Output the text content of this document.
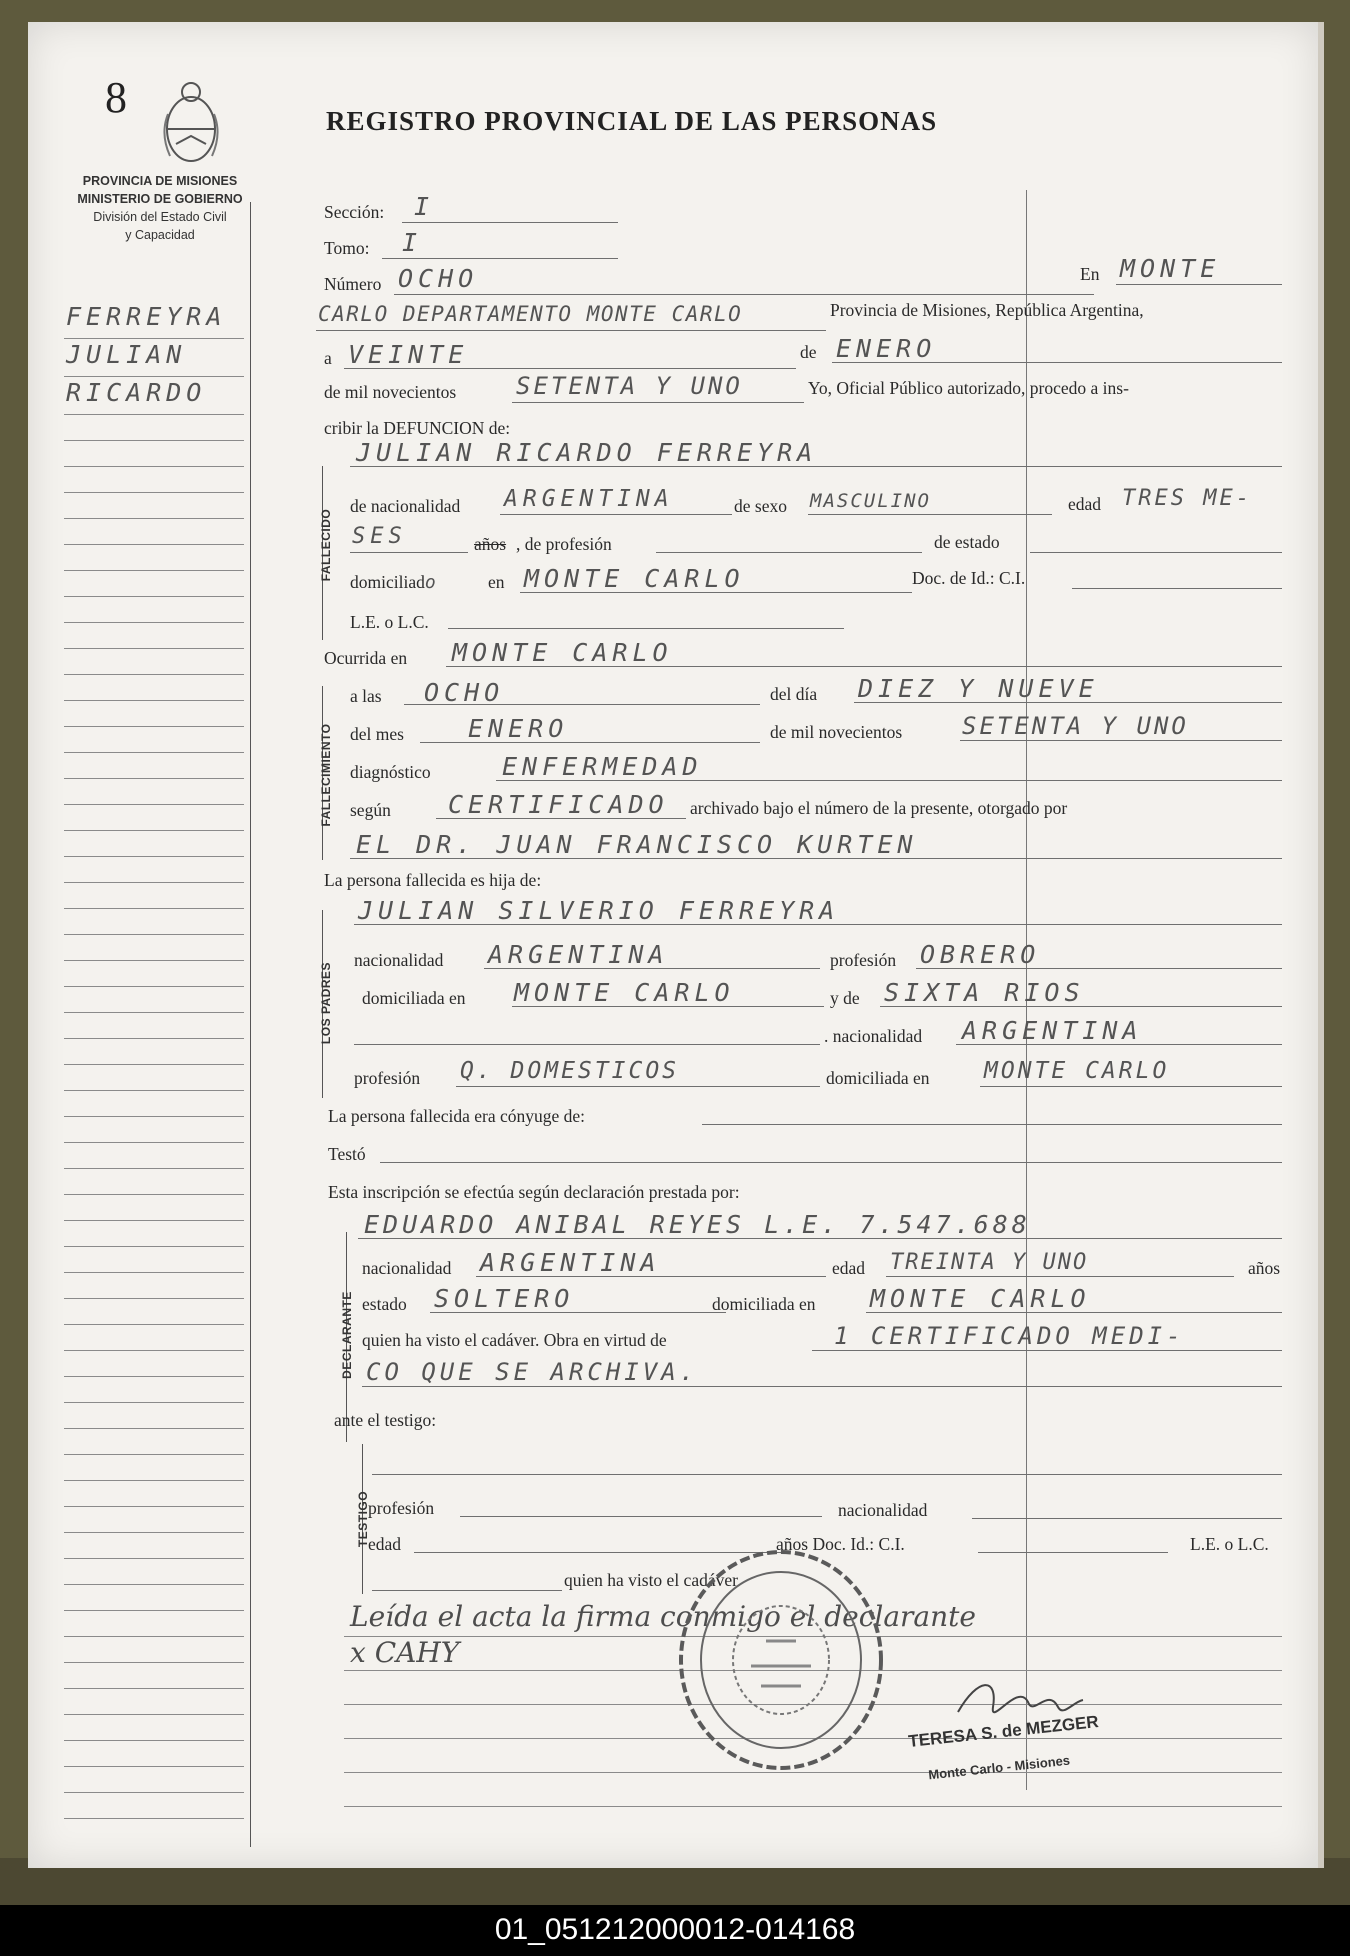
8	REGISTRO PROVINCIAL DE LAS PERSONAS
PROVINCIA DE MISIONES
MINISTERIO DE GOBIERNO
División del Estado Civil
y Capacidad
FERREYRA
JULIAN
RICARDO
Sección: I
Tomo: I
Número OCHO	En MONTE
CARLO DEPARTAMENTO MONTE CARLO	Provincia de Misiones, República Argentina,
a VEINTE	de ENERO
de mil novecientos SETENTA Y UNO	Yo, Oficial Público autorizado, procedo a ins-
cribir la DEFUNCION de:
FALLECIDO
JULIAN RICARDO FERREYRA
de nacionalidad ARGENTINA	de sexo MASCULINO	edad TRES ME-
SES	años , de profesión	de estado
domiciliado	en MONTE CARLO	Doc. de Id.: C.I.
L.E. o L.C.
Ocurrida en MONTE CARLO
FALLECIMIENTO
a las OCHO	del día DIEZ Y NUEVE
del mes	ENERO	de mil novecientos SETENTA Y UNO
diagnóstico	ENFERMEDAD
según CERTIFICADO archivado bajo el número de la presente, otorgado por
EL DR. JUAN FRANCISCO KURTEN
La persona fallecida es hija de:
LOS PADRES
JULIAN SILVERIO FERREYRA
nacionalidad ARGENTINA	profesión OBRERO
domiciliada en MONTE CARLO	y de SIXTA RIOS
. nacionalidad ARGENTINA
profesión Q. DOMESTICOS	domiciliada en MONTE CARLO
La persona fallecida era cónyuge de:
Testó
Esta inscripción se efectúa según declaración prestada por:
DECLARANTE
EDUARDO ANIBAL REYES L.E. 7.547.688
nacionalidad ARGENTINA	edad TREINTA Y UNO	años
estado SOLTERO	domiciliada en MONTE CARLO
quien ha visto el cadáver. Obra en virtud de	1 CERTIFICADO MEDI-
CO QUE SE ARCHIVA.
ante el testigo:
TESTIGO
profesión	nacionalidad
edad	años Doc. Id.: C.I.	L.E. o L.C.
quien ha visto el cadáver
Leída el acta la firma conmigo el declarante
x CAHY
TERESA S. de MEZGER
Monte Carlo - Misiones
01_051212000012-014168
